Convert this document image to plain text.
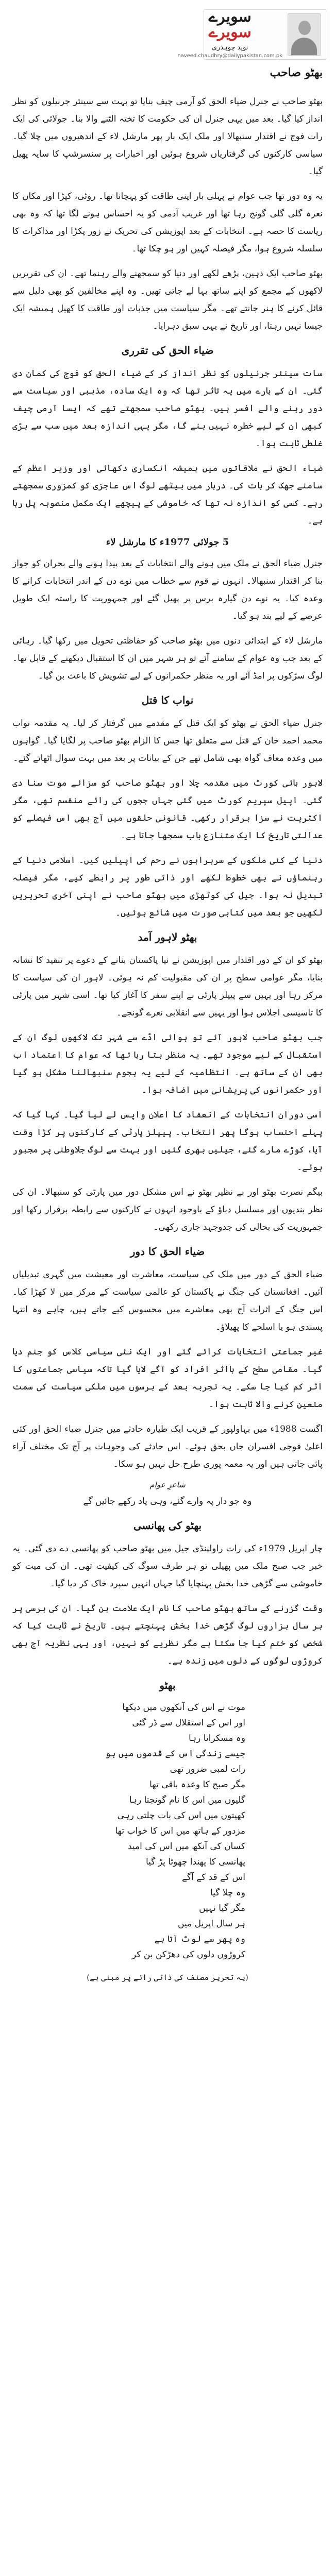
سویرے
سویرے
نوید چوہدری
naveed.chaudhry@dailypakistan.com.pk
بھٹو صاحب

بھٹو صاحب نے جنرل ضیاء الحق کو آرمی چیف بنایا تو بہت سے سینئر جرنیلوں کو نظر انداز کیا گیا۔ بعد میں یہی جنرل ان کی حکومت کا تختہ الٹنے والا بنا۔ جولائی کی ایک رات فوج نے اقتدار سنبھالا اور ملک ایک بار پھر مارشل لاء کے اندھیروں میں چلا گیا۔ سیاسی کارکنوں کی گرفتاریاں شروع ہوئیں اور اخبارات پر سنسرشپ کا سایہ پھیل گیا۔

یہ وہ دور تھا جب عوام نے پہلی بار اپنی طاقت کو پہچانا تھا۔ روٹی، کپڑا اور مکان کا نعرہ گلی گلی گونج رہا تھا اور غریب آدمی کو یہ احساس ہونے لگا تھا کہ وہ بھی ریاست کا حصہ ہے۔ انتخابات کے بعد اپوزیشن کی تحریک نے زور پکڑا اور مذاکرات کا سلسلہ شروع ہوا، مگر فیصلہ کہیں اور ہو چکا تھا۔

بھٹو صاحب ایک ذہین، پڑھے لکھے اور دنیا کو سمجھنے والے رہنما تھے۔ ان کی تقریریں لاکھوں کے مجمع کو اپنے ساتھ بہا لے جاتی تھیں۔ وہ اپنے مخالفین کو بھی دلیل سے قائل کرنے کا ہنر جانتے تھے۔ مگر سیاست میں جذبات اور طاقت کا کھیل ہمیشہ ایک جیسا نہیں رہتا، اور تاریخ نے یہی سبق دہرایا۔

ضیاء الحق کی تقرری

سات سینئر جرنیلوں کو نظر انداز کر کے ضیاء الحق کو فوج کی کمان دی گئی۔ ان کے بارے میں یہ تاثر تھا کہ وہ ایک سادہ، مذہبی اور سیاست سے دور رہنے والے افسر ہیں۔ بھٹو صاحب سمجھتے تھے کہ ایسا آرمی چیف کبھی ان کے لیے خطرہ نہیں بنے گا، مگر یہی اندازہ بعد میں سب سے بڑی غلطی ثابت ہوا۔

ضیاء الحق نے ملاقاتوں میں ہمیشہ انکساری دکھائی اور وزیر اعظم کے سامنے جھک کر بات کی۔ دربار میں بیٹھے لوگ اس عاجزی کو کمزوری سمجھتے رہے۔ کسی کو اندازہ نہ تھا کہ خاموشی کے پیچھے ایک مکمل منصوبہ پل رہا ہے۔

5 جولائی 1977ء کا مارشل لاء

جنرل ضیاء الحق نے ملک میں ہونے والے انتخابات کے بعد پیدا ہونے والے بحران کو جواز بنا کر اقتدار سنبھالا۔ انہوں نے قوم سے خطاب میں نوے دن کے اندر انتخابات کرانے کا وعدہ کیا۔ یہ نوے دن گیارہ برس پر پھیل گئے اور جمہوریت کا راستہ ایک طویل عرصے کے لیے بند ہو گیا۔

مارشل لاء کے ابتدائی دنوں میں بھٹو صاحب کو حفاظتی تحویل میں رکھا گیا۔ رہائی کے بعد جب وہ عوام کے سامنے آئے تو ہر شہر میں ان کا استقبال دیکھنے کے قابل تھا۔ لوگ سڑکوں پر امڈ آئے اور یہ منظر حکمرانوں کے لیے تشویش کا باعث بن گیا۔

نواب کا قتل

جنرل ضیاء الحق نے بھٹو کو ایک قتل کے مقدمے میں گرفتار کر لیا۔ یہ مقدمہ نواب محمد احمد خان کے قتل سے متعلق تھا جس کا الزام بھٹو صاحب پر لگایا گیا۔ گواہوں میں وعدہ معاف گواہ بھی شامل تھے جن کے بیانات پر بعد میں بہت سوال اٹھائے گئے۔

لاہور ہائی کورٹ میں مقدمہ چلا اور بھٹو صاحب کو سزائے موت سنا دی گئی۔ اپیل سپریم کورٹ میں گئی جہاں ججوں کی رائے منقسم تھی، مگر اکثریت نے سزا برقرار رکھی۔ قانونی حلقوں میں آج بھی اس فیصلے کو عدالتی تاریخ کا ایک متنازع باب سمجھا جاتا ہے۔

دنیا کے کئی ملکوں کے سربراہوں نے رحم کی اپیلیں کیں۔ اسلامی دنیا کے رہنماؤں نے بھی خطوط لکھے اور ذاتی طور پر رابطے کیے، مگر فیصلہ تبدیل نہ ہوا۔ جیل کی کوٹھڑی میں بھٹو صاحب نے اپنی آخری تحریریں لکھیں جو بعد میں کتابی صورت میں شائع ہوئیں۔

بھٹو لاہور آمد

بھٹو کو ان کے دور اقتدار میں اپوزیشن نے نیا پاکستان بنانے کے دعوے پر تنقید کا نشانہ بنایا، مگر عوامی سطح پر ان کی مقبولیت کم نہ ہوئی۔ لاہور ان کی سیاست کا مرکز رہا اور یہیں سے پیپلز پارٹی نے اپنے سفر کا آغاز کیا تھا۔ اسی شہر میں پارٹی کا تاسیسی اجلاس ہوا اور یہیں سے انقلابی نعرے گونجے۔

جب بھٹو صاحب لاہور آئے تو ہوائی اڈے سے شہر تک لاکھوں لوگ ان کے استقبال کے لیے موجود تھے۔ یہ منظر بتا رہا تھا کہ عوام کا اعتماد اب بھی ان کے ساتھ ہے۔ انتظامیہ کے لیے یہ ہجوم سنبھالنا مشکل ہو گیا اور حکمرانوں کی پریشانی میں اضافہ ہوا۔

اسی دوران انتخابات کے انعقاد کا اعلان واپس لے لیا گیا۔ کہا گیا کہ پہلے احتساب ہوگا پھر انتخاب۔ پیپلز پارٹی کے کارکنوں پر کڑا وقت آیا، کوڑے مارے گئے، جیلیں بھری گئیں اور بہت سے لوگ جلاوطنی پر مجبور ہوئے۔

بیگم نصرت بھٹو اور بے نظیر بھٹو نے اس مشکل دور میں پارٹی کو سنبھالا۔ ان کی نظر بندیوں اور مسلسل دباؤ کے باوجود انہوں نے کارکنوں سے رابطہ برقرار رکھا اور جمہوریت کی بحالی کی جدوجہد جاری رکھی۔

ضیاء الحق کا دور

ضیاء الحق کے دور میں ملک کی سیاست، معاشرت اور معیشت میں گہری تبدیلیاں آئیں۔ افغانستان کی جنگ نے پاکستان کو عالمی سیاست کے مرکز میں لا کھڑا کیا۔ اس جنگ کے اثرات آج بھی معاشرے میں محسوس کیے جاتے ہیں، چاہے وہ انتہا پسندی ہو یا اسلحے کا پھیلاؤ۔

غیر جماعتی انتخابات کرائے گئے اور ایک نئی سیاسی کلاس کو جنم دیا گیا۔ مقامی سطح کے بااثر افراد کو آگے لایا گیا تاکہ سیاسی جماعتوں کا اثر کم کیا جا سکے۔ یہ تجربہ بعد کے برسوں میں ملکی سیاست کی سمت متعین کرنے والا ثابت ہوا۔

اگست 1988ء میں بہاولپور کے قریب ایک طیارہ حادثے میں جنرل ضیاء الحق اور کئی اعلیٰ فوجی افسران جاں بحق ہوئے۔ اس حادثے کی وجوہات پر آج تک مختلف آراء پائی جاتی ہیں اور یہ معمہ پوری طرح حل نہیں ہو سکا۔

شاعرِ عوام
وہ جو دار پہ وارے گئے، وہی یاد رکھے جائیں گے
بھٹو کی پھانسی

چار اپریل 1979ء کی رات راولپنڈی جیل میں بھٹو صاحب کو پھانسی دے دی گئی۔ یہ خبر جب صبح ملک میں پھیلی تو ہر طرف سوگ کی کیفیت تھی۔ ان کی میت کو خاموشی سے گڑھی خدا بخش پہنچایا گیا جہاں انہیں سپرد خاک کر دیا گیا۔

وقت گزرنے کے ساتھ بھٹو صاحب کا نام ایک علامت بن گیا۔ ان کی برسی پر ہر سال ہزاروں لوگ گڑھی خدا بخش پہنچتے ہیں۔ تاریخ نے ثابت کیا کہ شخص کو ختم کیا جا سکتا ہے مگر نظریے کو نہیں، اور یہی نظریہ آج بھی کروڑوں لوگوں کے دلوں میں زندہ ہے۔

بھٹو
موت نے اس کی آنکھوں میں دیکھا
اور اس کے استقلال سے ڈر گئی
وہ مسکراتا رہا
جیسے زندگی اس کے قدموں میں ہو
رات لمبی ضرور تھی
مگر صبح کا وعدہ باقی تھا
گلیوں میں اس کا نام گونجتا رہا
کھیتوں میں اس کی بات چلتی رہی
مزدور کے ہاتھ میں اس کا خواب تھا
کسان کی آنکھ میں اس کی امید
پھانسی کا پھندا چھوٹا پڑ گیا
اس کے قد کے آگے
وہ چلا گیا
مگر گیا نہیں
ہر سال اپریل میں
وہ پھر سے لوٹ آتا ہے
کروڑوں دلوں کی دھڑکن بن کر
(یہ تحریر مصنف کی ذاتی رائے پر مبنی ہے)
